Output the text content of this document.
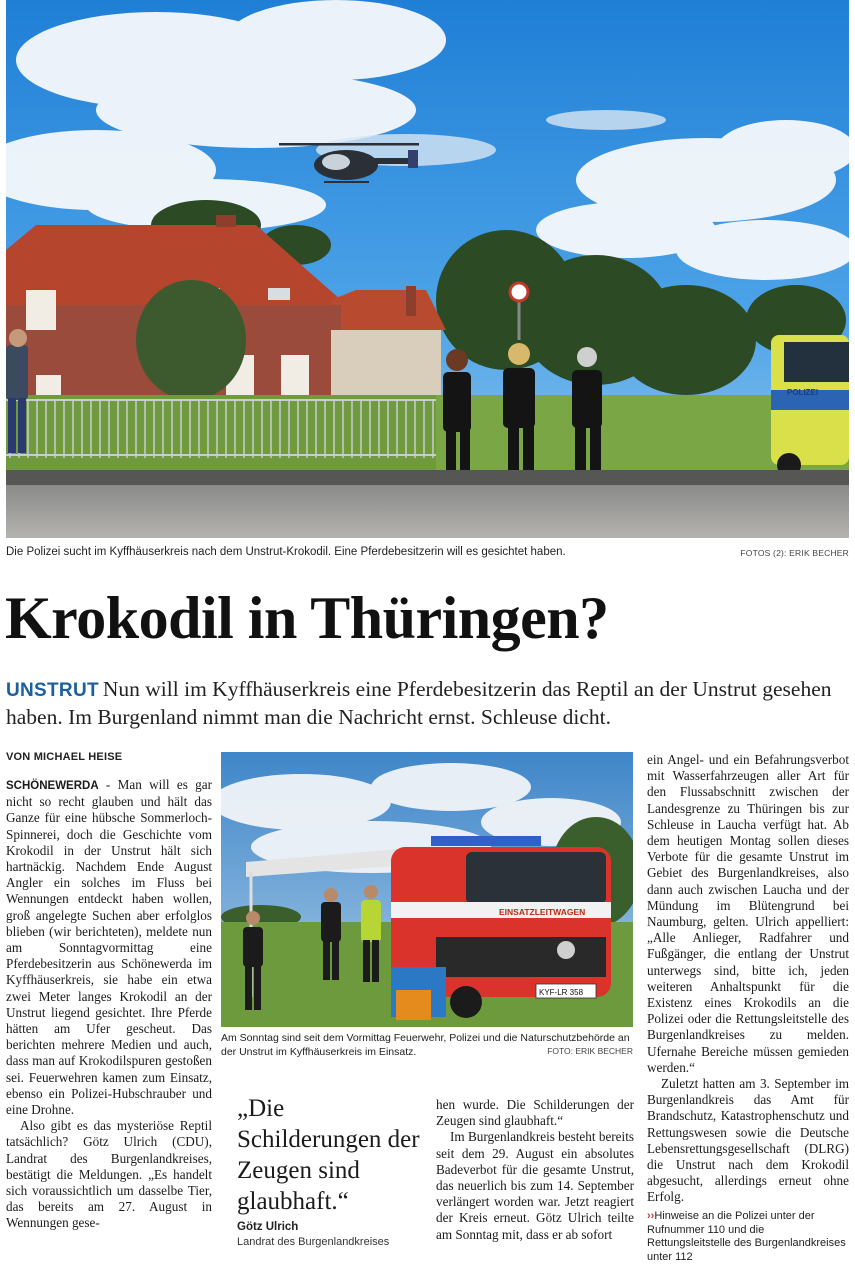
POLIZEI
Die Polizei sucht im Kyffhäuserkreis nach dem Unstrut-Krokodil. Eine Pferdebesitzerin will es gesichtet haben.	FOTOS (2): ERIK BECHER
Krokodil in Thüringen?
UNSTRUT Nun will im Kyffhäuserkreis eine Pferdebesitzerin das Reptil an der Unstrut gesehen haben. Im Burgenland nimmt man die Nachricht ernst. Schleuse dicht.
VON MICHAEL HEISE

SCHÖNEWERDA - Man will es gar nicht so recht glauben und hält das Ganze für eine hübsche Sommerloch-Spinnerei, doch die Geschichte vom Krokodil in der Unstrut hält sich hartnäckig. Nachdem Ende August Angler ein solches im Fluss bei Wennungen entdeckt haben wollen, groß angelegte Suchen aber erfolglos blieben (wir berichteten), meldete nun am Sonntagvormittag eine Pferdebesitzerin aus Schönewerda im Kyffhäuserkreis, sie habe ein etwa zwei Meter langes Krokodil an der Unstrut liegend gesichtet. Ihre Pferde hätten am Ufer gescheut. Das berichten mehrere Medien und auch, dass man auf Krokodilspuren gestoßen sei. Feuerwehren kamen zum Einsatz, ebenso ein Polizei-Hubschrauber und eine Drohne.

Also gibt es das mysteriöse Reptil tatsächlich? Götz Ulrich (CDU), Landrat des Burgenlandkreises, bestätigt die Meldungen. „Es handelt sich voraussichtlich um dasselbe Tier, das bereits am 27. August in Wennungen gese-

EINSATZLEITWAGEN
KYF-LR 358
Am Sonntag sind seit dem Vormittag Feuerwehr, Polizei und die Naturschutzbehörde an der Unstrut im Kyffhäuserkreis im Einsatz.	FOTO: ERIK BECHER
„Die Schilderungen der Zeugen sind glaubhaft.“
Götz Ulrich
Landrat des Burgenlandkreises

hen wurde. Die Schilderungen der Zeugen sind glaubhaft.“

Im Burgenlandkreis besteht bereits seit dem 29. August ein absolutes Badeverbot für die gesamte Unstrut, das neuerlich bis zum 14. September verlängert worden war. Jetzt reagiert der Kreis erneut. Götz Ulrich teilte am Sonntag mit, dass er ab sofort

ein Angel- und ein Befahrungsverbot mit Wasserfahrzeugen aller Art für den Flussabschnitt zwischen der Landesgrenze zu Thüringen bis zur Schleuse in Laucha verfügt hat. Ab dem heutigen Montag sollen dieses Verbote für die gesamte Unstrut im Gebiet des Burgenlandkreises, also dann auch zwischen Laucha und der Mündung im Blütengrund bei Naumburg, gelten. Ulrich appelliert: „Alle Anlieger, Radfahrer und Fußgänger, die entlang der Unstrut unterwegs sind, bitte ich, jeden weiteren Anhaltspunkt für die Existenz eines Krokodils an die Polizei oder die Rettungsleitstelle des Burgenlandkreises zu melden. Ufernahe Bereiche müssen gemieden werden.“

Zuletzt hatten am 3. September im Burgenlandkreis das Amt für Brandschutz, Katastrophenschutz und Rettungswesen sowie die Deutsche Lebensrettungsgesellschaft (DLRG) die Unstrut nach dem Krokodil abgesucht, allerdings erneut ohne Erfolg.

››Hinweise an die Polizei unter der Rufnummer 110 und die Rettungsleitstelle des Burgenlandkreises unter 112
